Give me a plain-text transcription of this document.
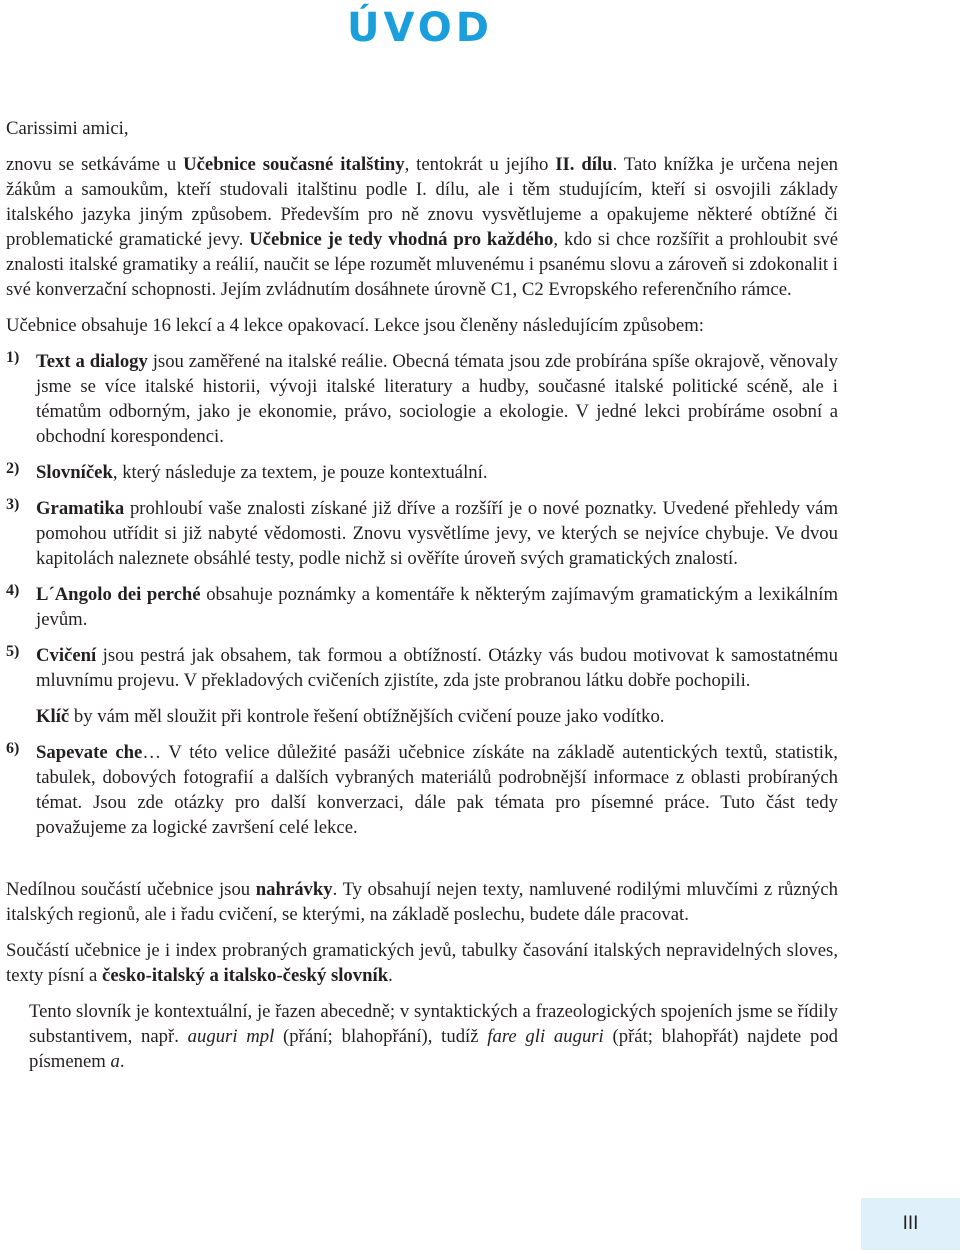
ÚVOD

Carissimi amici,

znovu se setkáváme u Učebnice současné italštiny, tentokrát u jejího II. dílu. Tato knížka je určena nejen žákům a samoukům, kteří studovali italštinu podle I. dílu, ale i těm studujícím, kteří si osvojili základy italského jazyka jiným způsobem. Především pro ně znovu vysvětlujeme a opakujeme některé obtížné či problematické gramatické jevy. Učebnice je tedy vhodná pro každého, kdo si chce rozšířit a prohloubit své znalosti italské gramatiky a reálií, naučit se lépe rozumět mluvenému i psanému slovu a zároveň si zdokonalit i své konverzační schopnosti. Jejím zvládnutím dosáhnete úrovně C1, C2 Evropského referenčního rámce.

Učebnice obsahuje 16 lekcí a 4 lekce opakovací. Lekce jsou členěny následujícím způsobem:

1) Text a dialogy jsou zaměřené na italské reálie. Obecná témata jsou zde probírána spíše okrajově, věnovaly jsme se více italské historii, vývoji italské literatury a hudby, současné italské politické scéně, ale i tématům odborným, jako je ekonomie, právo, sociologie a ekologie. V jedné lekci probíráme osobní a obchodní korespondenci.

2) Slovníček, který následuje za textem, je pouze kontextuální.

3) Gramatika prohloubí vaše znalosti získané již dříve a rozšíří je o nové poznatky. Uvedené přehledy vám pomohou utřídit si již nabyté vědomosti. Znovu vysvětlíme jevy, ve kterých se nejvíce chybuje. Ve dvou kapitolách naleznete obsáhlé testy, podle nichž si ověříte úroveň svých gramatických znalostí.

4) L´Angolo dei perché obsahuje poznámky a komentáře k některým zajímavým gramatickým a lexikálním jevům.

5) Cvičení jsou pestrá jak obsahem, tak formou a obtížností. Otázky vás budou motivovat k samostatnému mluvnímu projevu. V překladových cvičeních zjistíte, zda jste probranou látku dobře pochopili.

Klíč by vám měl sloužit při kontrole řešení obtížnějších cvičení pouze jako vodítko.

6) Sapevate che… V této velice důležité pasáži učebnice získáte na základě autentických textů, statistik, tabulek, dobových fotografií a dalších vybraných materiálů podrobnější informace z oblasti probíraných témat. Jsou zde otázky pro další konverzaci, dále pak témata pro písemné práce. Tuto část tedy považujeme za logické završení celé lekce.

Nedílnou součástí učebnice jsou nahrávky. Ty obsahují nejen texty, namluvené rodilými mluvčími z různých italských regionů, ale i řadu cvičení, se kterými, na základě poslechu, budete dále pracovat.

Součástí učebnice je i index probraných gramatických jevů, tabulky časování italských nepravidelných sloves, texty písní a česko-italský a italsko-český slovník.

Tento slovník je kontextuální, je řazen abecedně; v syntaktických a frazeologických spojeních jsme se řídily substantivem, např. auguri mpl (přání; blahopřání), tudíž fare gli auguri (přát; blahopřát) najdete pod písmenem a.

III
